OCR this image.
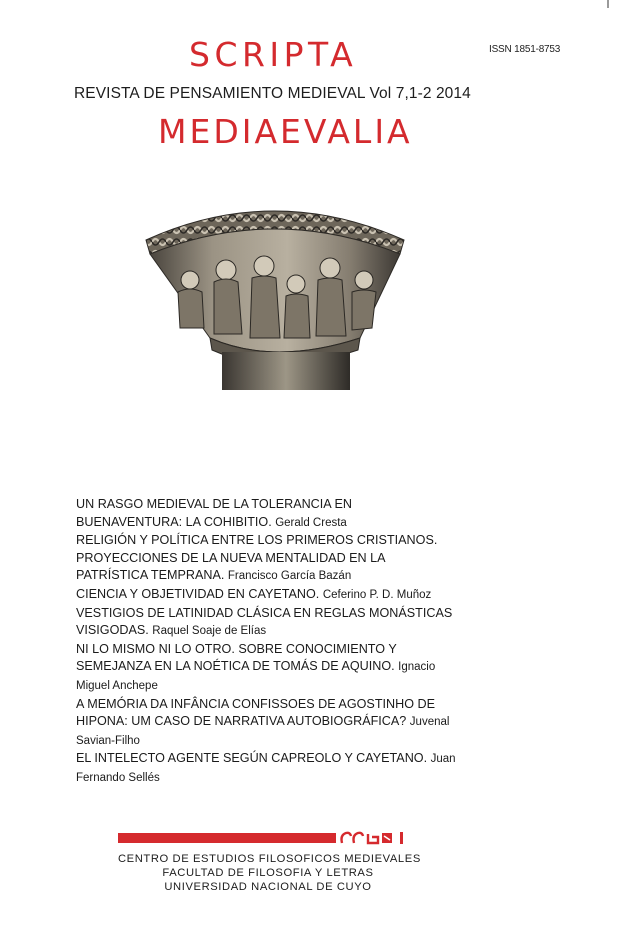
ISSN 1851-8753
SCRIPTA
REVISTA DE PENSAMIENTO MEDIEVAL Vol 7,1-2 2014
MEDIAEVALIA

UN RASGO MEDIEVAL DE LA TOLERANCIA EN BUENAVENTURA: LA COHIBITIO. Gerald Cresta

RELIGIÓN Y POLÍTICA ENTRE LOS PRIMEROS CRISTIANOS. PROYECCIONES DE LA NUEVA MENTALIDAD EN LA PATRÍSTICA TEMPRANA. Francisco García Bazán

CIENCIA Y OBJETIVIDAD EN CAYETANO. Ceferino P. D. Muñoz

VESTIGIOS DE LATINIDAD CLÁSICA EN REGLAS MONÁSTICAS VISIGODAS. Raquel Soaje de Elías

NI LO MISMO NI LO OTRO. SOBRE CONOCIMIENTO Y SEMEJANZA EN LA NOÉTICA DE TOMÁS DE AQUINO. Ignacio Miguel Anchepe

A MEMÓRIA DA INFÂNCIA CONFISSOES DE AGOSTINHO DE HIPONA: UM CASO DE NARRATIVA AUTOBIOGRÁFICA? Juvenal Savian-Filho

EL INTELECTO AGENTE SEGÚN CAPREOLO Y CAYETANO. Juan Fernando Sellés

CENTRO DE ESTUDIOS FILOSOFICOS MEDIEVALES
FACULTAD DE FILOSOFIA Y LETRAS
UNIVERSIDAD NACIONAL DE CUYO
